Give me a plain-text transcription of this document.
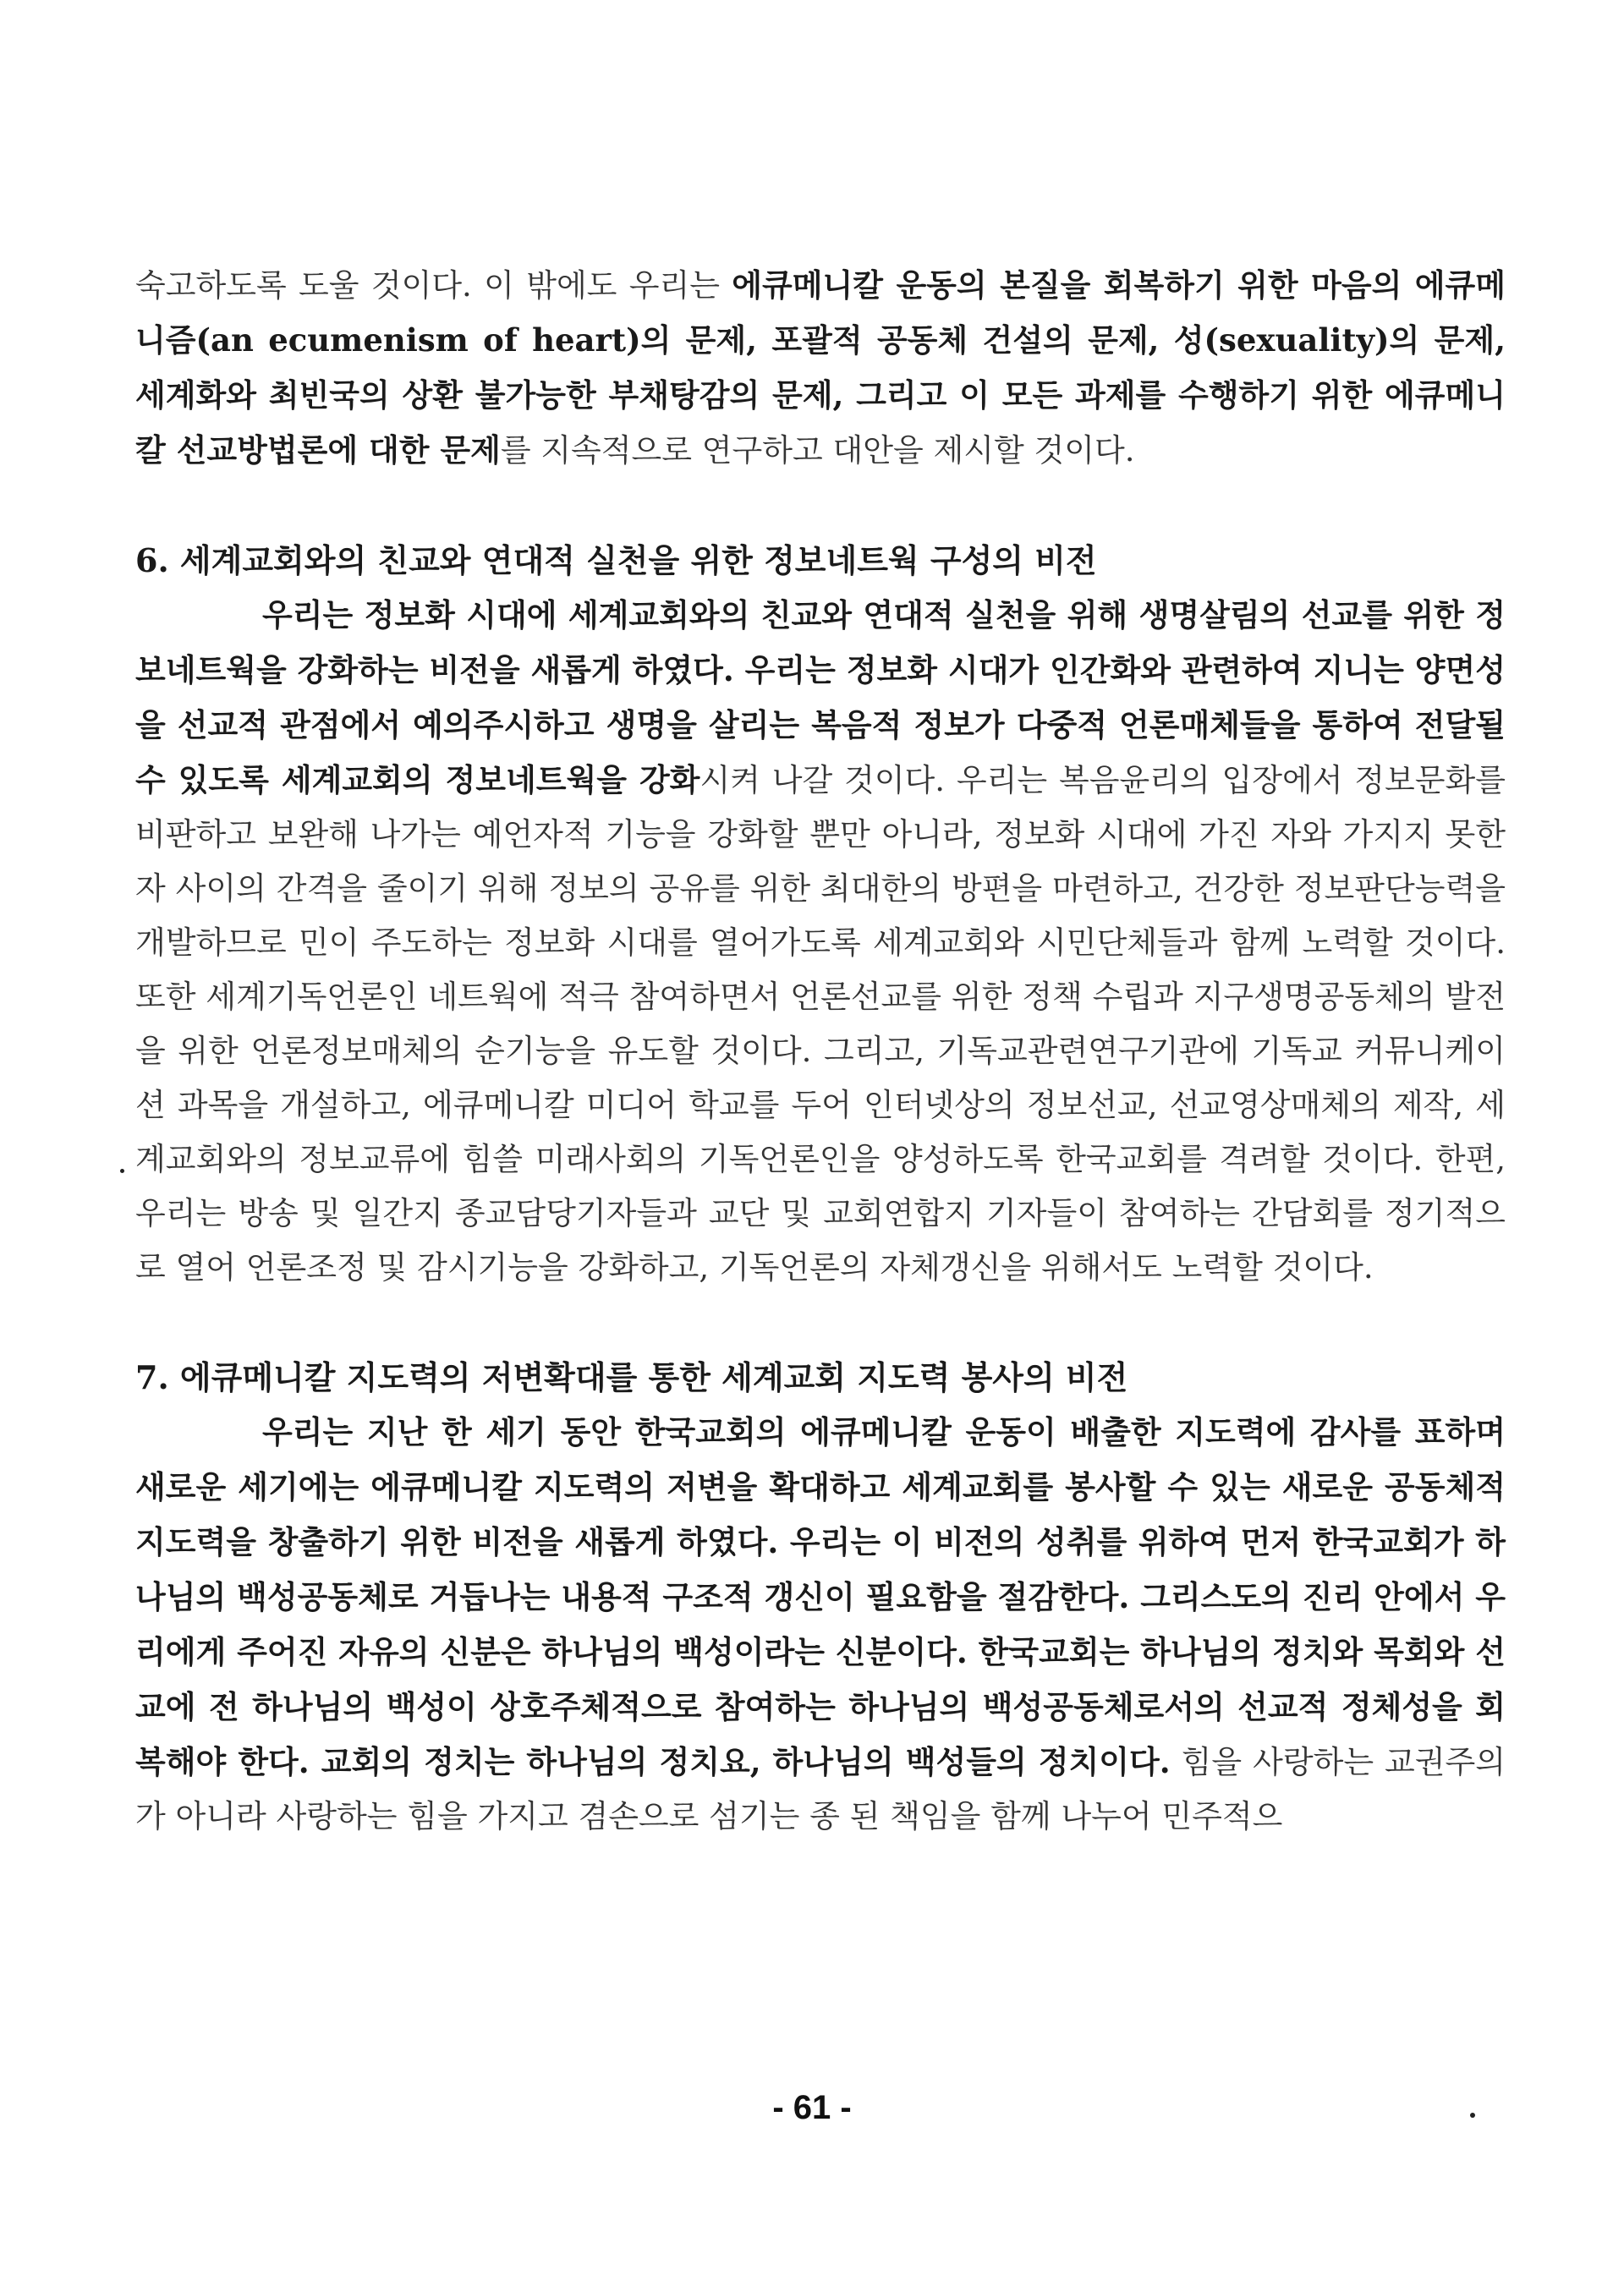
숙고하도록 도울 것이다. 이 밖에도 우리는 에큐메니칼 운동의 본질을 회복하기 위한 마음의 에큐메니즘(an ecumenism of heart)의 문제, 포괄적 공동체 건설의 문제, 성(sexuality)의 문제, 세계화와 최빈국의 상환 불가능한 부채탕감의 문제, 그리고 이 모든 과제를 수행하기 위한 에큐메니칼 선교방법론에 대한 문제를 지속적으로 연구하고 대안을 제시할 것이다.

6. 세계교회와의 친교와 연대적 실천을 위한 정보네트웍 구성의 비전

우리는 정보화 시대에 세계교회와의 친교와 연대적 실천을 위해 생명살림의 선교를 위한 정보네트웍을 강화하는 비전을 새롭게 하였다. 우리는 정보화 시대가 인간화와 관련하여 지니는 양면성을 선교적 관점에서 예의주시하고 생명을 살리는 복음적 정보가 다중적 언론매체들을 통하여 전달될 수 있도록 세계교회의 정보네트웍을 강화시켜 나갈 것이다. 우리는 복음윤리의 입장에서 정보문화를 비판하고 보완해 나가는 예언자적 기능을 강화할 뿐만 아니라, 정보화 시대에 가진 자와 가지지 못한 자 사이의 간격을 줄이기 위해 정보의 공유를 위한 최대한의 방편을 마련하고, 건강한 정보판단능력을 개발하므로 민이 주도하는 정보화 시대를 열어가도록 세계교회와 시민단체들과 함께 노력할 것이다. 또한 세계기독언론인 네트웍에 적극 참여하면서 언론선교를 위한 정책 수립과 지구생명공동체의 발전을 위한 언론정보매체의 순기능을 유도할 것이다. 그리고, 기독교관련연구기관에 기독교 커뮤니케이션 과목을 개설하고, 에큐메니칼 미디어 학교를 두어 인터넷상의 정보선교, 선교영상매체의 제작, 세계교회와의 정보교류에 힘쓸 미래사회의 기독언론인을 양성하도록 한국교회를 격려할 것이다. 한편, 우리는 방송 및 일간지 종교담당기자들과 교단 및 교회연합지 기자들이 참여하는 간담회를 정기적으로 열어 언론조정 및 감시기능을 강화하고, 기독언론의 자체갱신을 위해서도 노력할 것이다.

7. 에큐메니칼 지도력의 저변확대를 통한 세계교회 지도력 봉사의 비전

우리는 지난 한 세기 동안 한국교회의 에큐메니칼 운동이 배출한 지도력에 감사를 표하며 새로운 세기에는 에큐메니칼 지도력의 저변을 확대하고 세계교회를 봉사할 수 있는 새로운 공동체적 지도력을 창출하기 위한 비전을 새롭게 하였다. 우리는 이 비전의 성취를 위하여 먼저 한국교회가 하나님의 백성공동체로 거듭나는 내용적 구조적 갱신이 필요함을 절감한다. 그리스도의 진리 안에서 우리에게 주어진 자유의 신분은 하나님의 백성이라는 신분이다. 한국교회는 하나님의 정치와 목회와 선교에 전 하나님의 백성이 상호주체적으로 참여하는 하나님의 백성공동체로서의 선교적 정체성을 회복해야 한다. 교회의 정치는 하나님의 정치요, 하나님의 백성들의 정치이다. 힘을 사랑하는 교권주의가 아니라 사랑하는 힘을 가지고 겸손으로 섬기는 종 된 책임을 함께 나누어 민주적으

- 61 -
